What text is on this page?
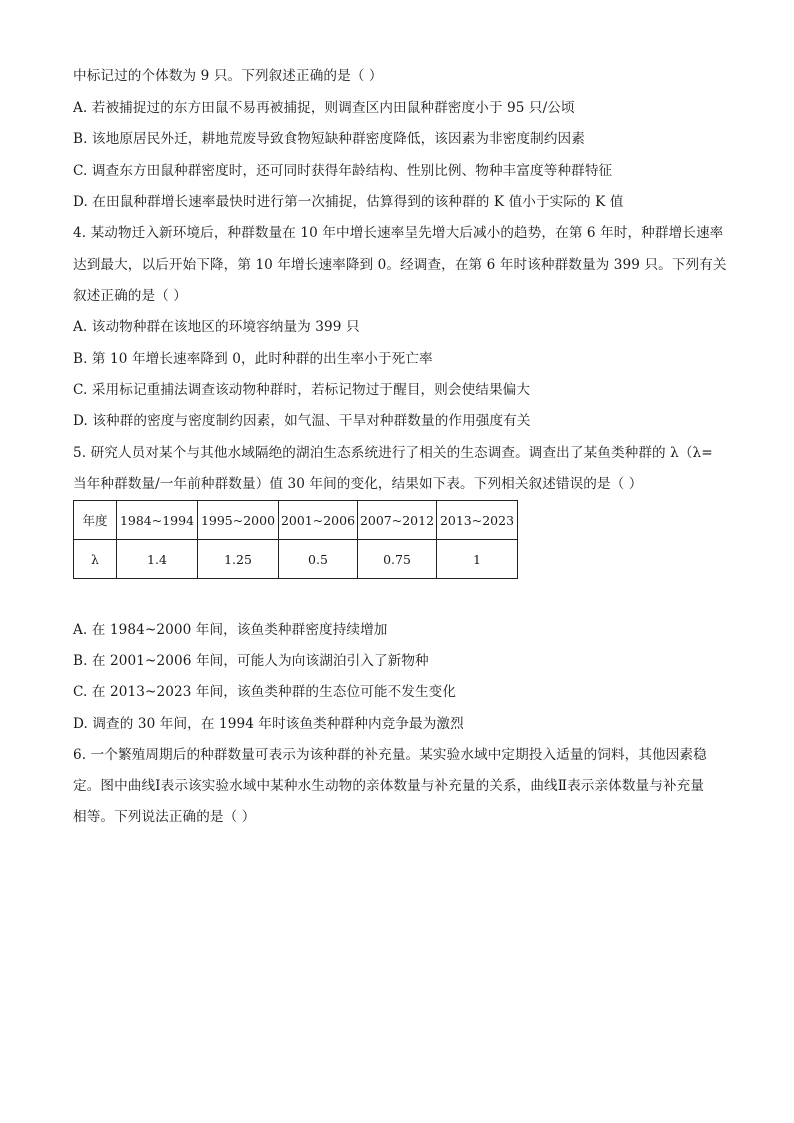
中标记过的个体数为 9 只。下列叙述正确的是（ ）
A. 若被捕捉过的东方田鼠不易再被捕捉，则调查区内田鼠种群密度小于 95 只/公顷
B. 该地原居民外迁，耕地荒废导致食物短缺种群密度降低，该因素为非密度制约因素
C. 调查东方田鼠种群密度时，还可同时获得年龄结构、性别比例、物种丰富度等种群特征
D. 在田鼠种群增长速率最快时进行第一次捕捉，估算得到的该种群的 K 值小于实际的 K 值
4. 某动物迁入新环境后，种群数量在 10 年中增长速率呈先增大后减小的趋势，在第 6 年时，种群增长速率
达到最大，以后开始下降，第 10 年增长速率降到 0。经调查，在第 6 年时该种群数量为 399 只。下列有关
叙述正确的是（ ）
A. 该动物种群在该地区的环境容纳量为 399 只
B. 第 10 年增长速率降到 0，此时种群的出生率小于死亡率
C. 采用标记重捕法调查该动物种群时，若标记物过于醒目，则会使结果偏大
D. 该种群的密度与密度制约因素，如气温、干旱对种群数量的作用强度有关
5. 研究人员对某个与其他水域隔绝的湖泊生态系统进行了相关的生态调查。调查出了某鱼类种群的 λ（λ=
当年种群数量/一年前种群数量）值 30 年间的变化，结果如下表。下列相关叙述错误的是（ ）
年度	1984~1994	1995~2000	2001~2006	2007~2012	2013~2023
λ	1.4	1.25	0.5	0.75	1
A. 在 1984~2000 年间，该鱼类种群密度持续增加
B. 在 2001~2006 年间，可能人为向该湖泊引入了新物种
C. 在 2013~2023 年间，该鱼类种群的生态位可能不发生变化
D. 调查的 30 年间，在 1994 年时该鱼类种群种内竞争最为激烈
6. 一个繁殖周期后的种群数量可表示为该种群的补充量。某实验水域中定期投入适量的饲料，其他因素稳
定。图中曲线Ⅰ表示该实验水域中某种水生动物的亲体数量与补充量的关系，曲线Ⅱ表示亲体数量与补充量
相等。下列说法正确的是（ ）
